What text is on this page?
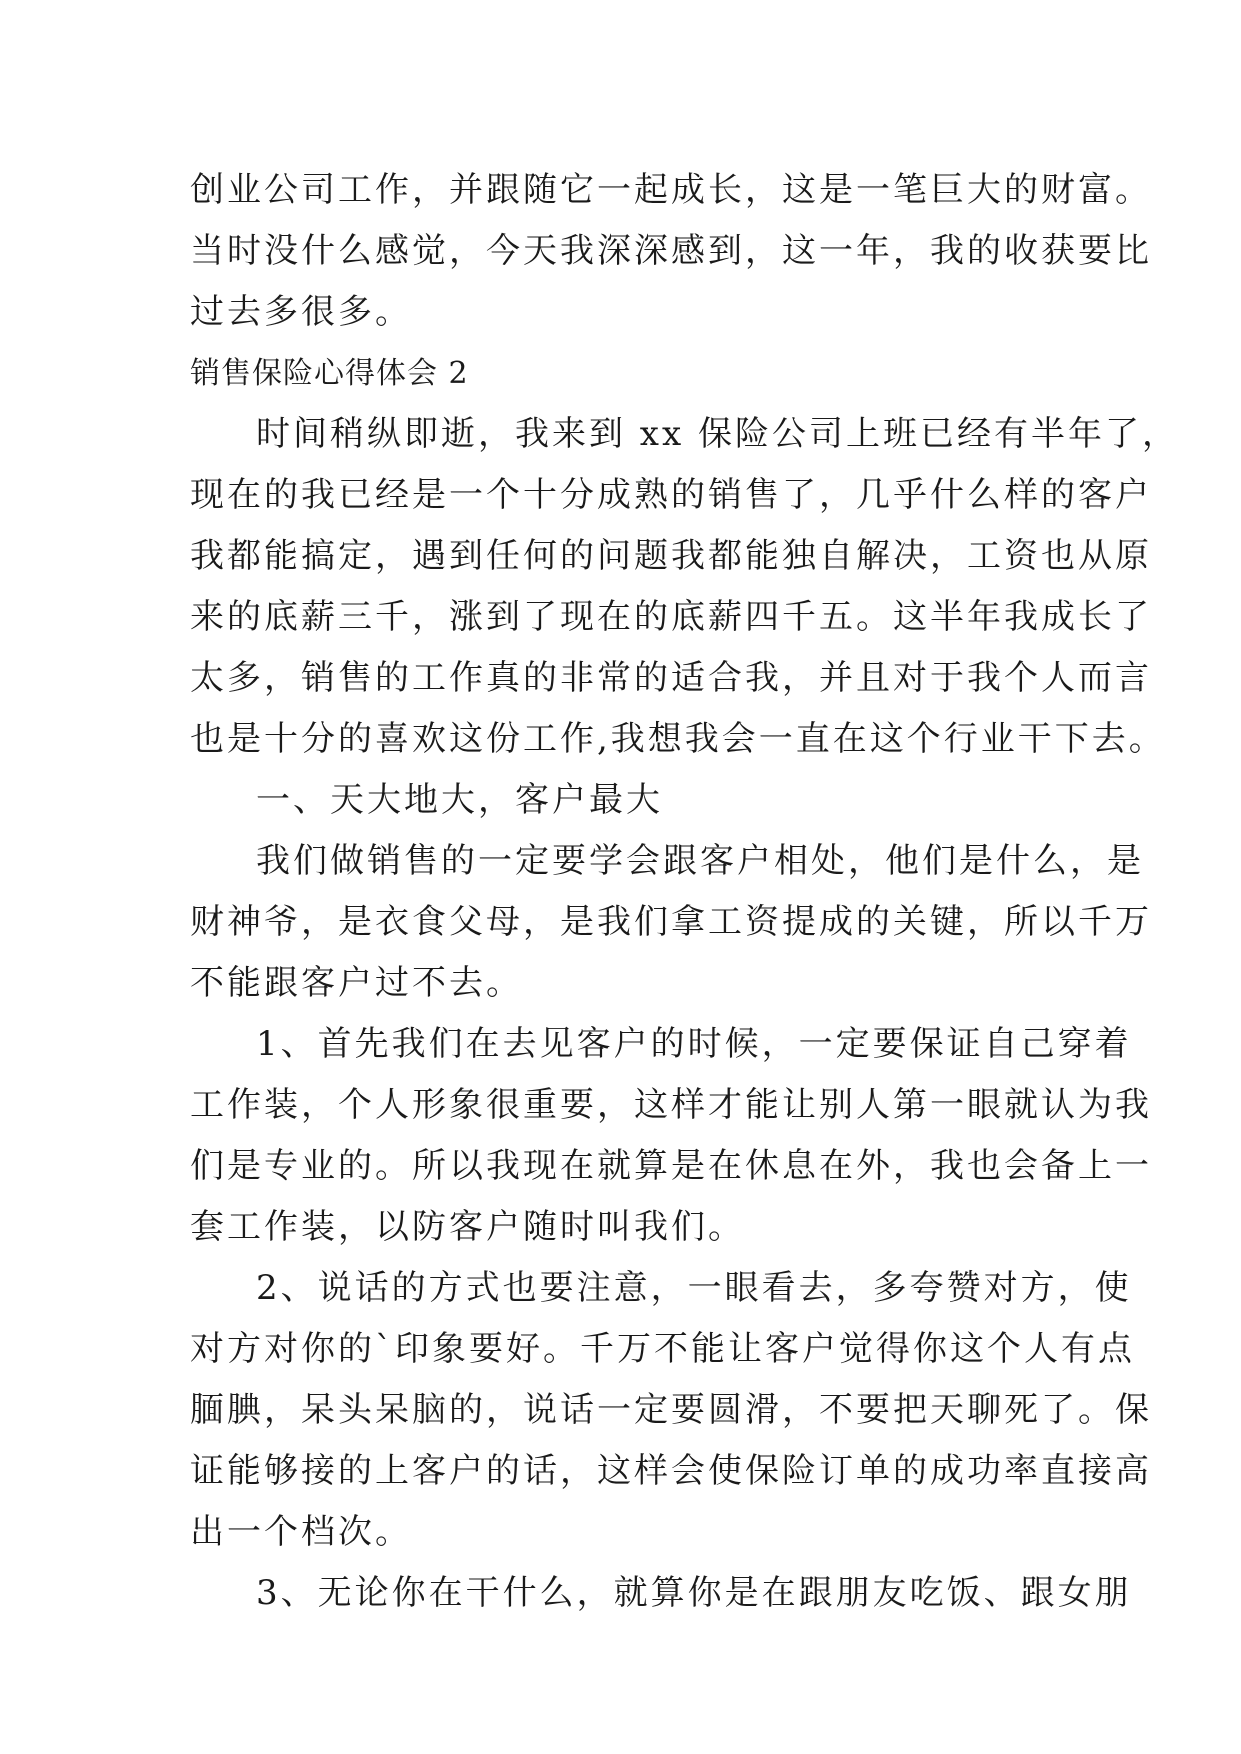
创业公司工作，并跟随它一起成长，这是一笔巨大的财富。
当时没什么感觉，今天我深深感到，这一年，我的收获要比
过去多很多。
销售保险心得体会 2
时间稍纵即逝，我来到 xx 保险公司上班已经有半年了，
现在的我已经是一个十分成熟的销售了，几乎什么样的客户
我都能搞定，遇到任何的问题我都能独自解决，工资也从原
来的底薪三千，涨到了现在的底薪四千五。这半年我成长了
太多，销售的工作真的非常的适合我，并且对于我个人而言
也是十分的喜欢这份工作,我想我会一直在这个行业干下去。
一、天大地大，客户最大
我们做销售的一定要学会跟客户相处，他们是什么，是
财神爷，是衣食父母，是我们拿工资提成的关键，所以千万
不能跟客户过不去。
1、首先我们在去见客户的时候，一定要保证自己穿着
工作装，个人形象很重要，这样才能让别人第一眼就认为我
们是专业的。所以我现在就算是在休息在外，我也会备上一
套工作装，以防客户随时叫我们。
2、说话的方式也要注意，一眼看去，多夸赞对方，使
对方对你的`印象要好。千万不能让客户觉得你这个人有点
腼腆，呆头呆脑的，说话一定要圆滑，不要把天聊死了。保
证能够接的上客户的话，这样会使保险订单的成功率直接高
出一个档次。
3、无论你在干什么，就算你是在跟朋友吃饭、跟女朋
